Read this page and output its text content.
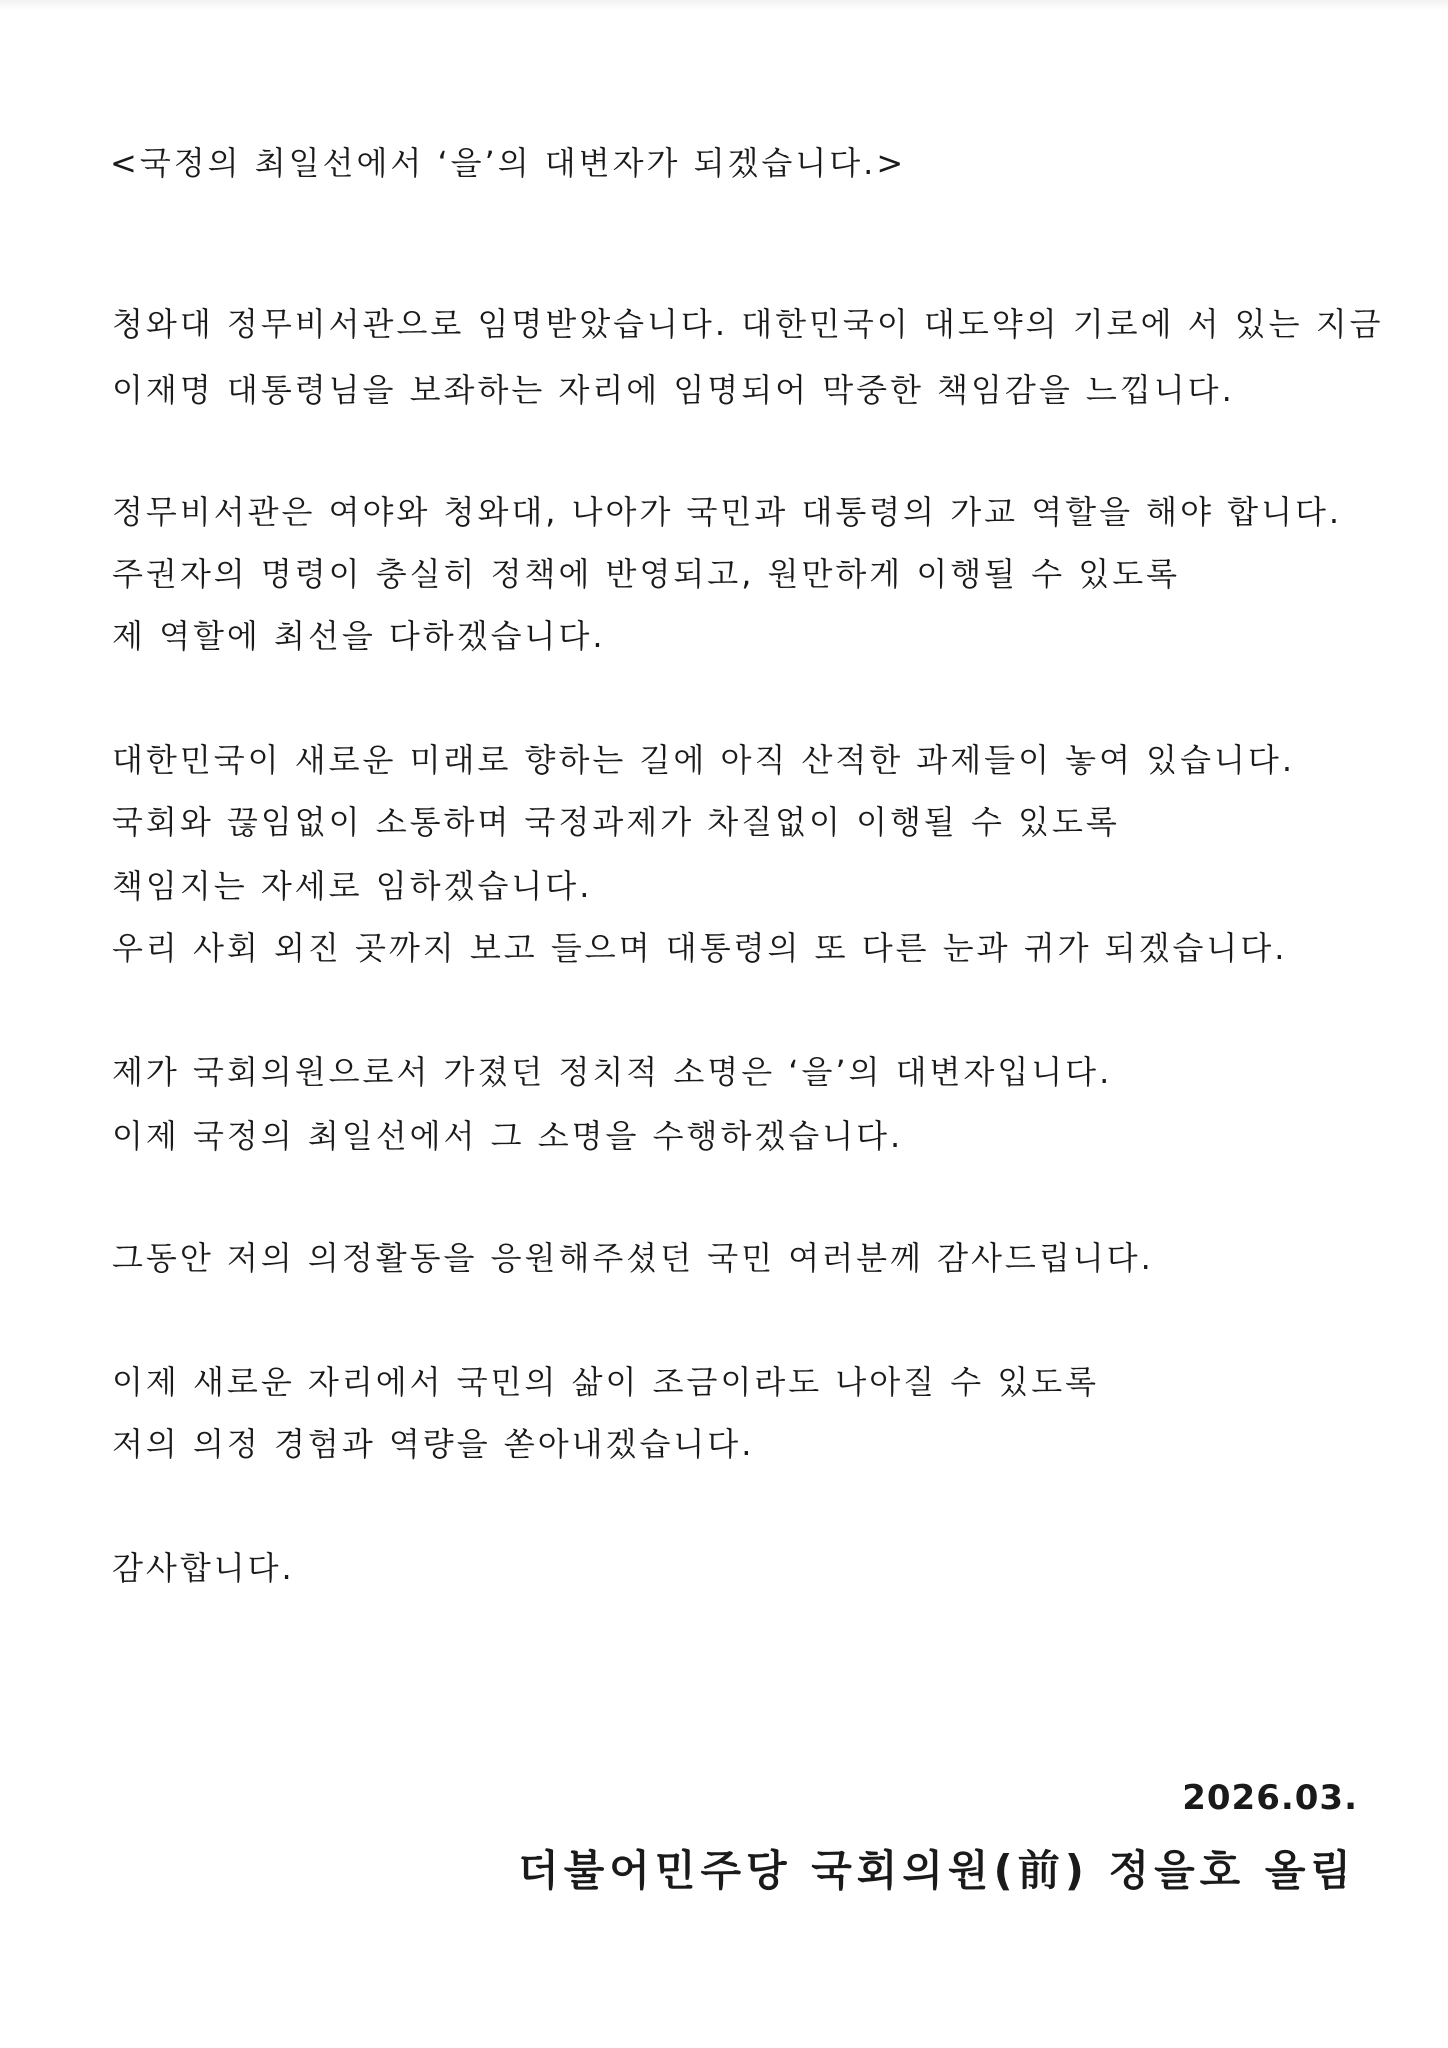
<국정의 최일선에서 ‘을’의 대변자가 되겠습니다.>
청와대 정무비서관으로 임명받았습니다. 대한민국이 대도약의 기로에 서 있는 지금
이재명 대통령님을 보좌하는 자리에 임명되어 막중한 책임감을 느낍니다.
정무비서관은 여야와 청와대, 나아가 국민과 대통령의 가교 역할을 해야 합니다.
주권자의 명령이 충실히 정책에 반영되고, 원만하게 이행될 수 있도록
제 역할에 최선을 다하겠습니다.
대한민국이 새로운 미래로 향하는 길에 아직 산적한 과제들이 놓여 있습니다.
국회와 끊임없이 소통하며 국정과제가 차질없이 이행될 수 있도록
책임지는 자세로 임하겠습니다.
우리 사회 외진 곳까지 보고 들으며 대통령의 또 다른 눈과 귀가 되겠습니다.
제가 국회의원으로서 가졌던 정치적 소명은 ‘을’의 대변자입니다.
이제 국정의 최일선에서 그 소명을 수행하겠습니다.
그동안 저의 의정활동을 응원해주셨던 국민 여러분께 감사드립니다.
이제 새로운 자리에서 국민의 삶이 조금이라도 나아질 수 있도록
저의 의정 경험과 역량을 쏟아내겠습니다.
감사합니다.
2026.03.
더불어민주당 국회의원(前) 정을호 올림
